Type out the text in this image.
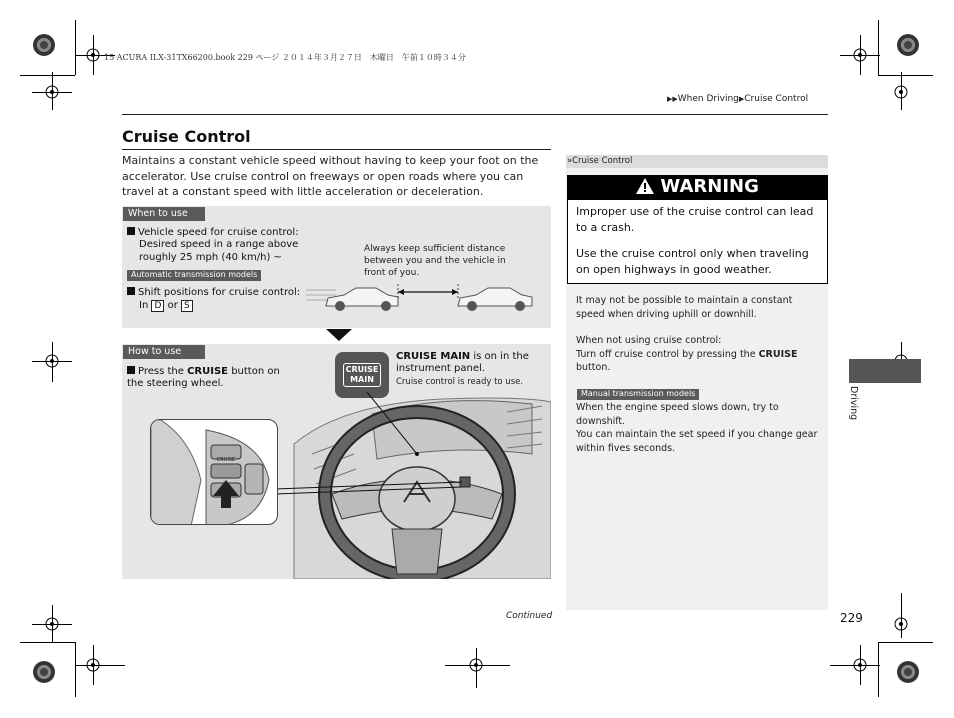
15 ACURA ILX-31TX66200.book 229 ページ ２０１４年３月２７日　木曜日　午前１０時３４分
▶▶When Driving▶Cruise Control
Cruise Control
Maintains a constant vehicle speed without having to keep your foot on the accelerator. Use cruise control on freeways or open roads where you can travel at a constant speed with little acceleration or deceleration.
When to use
Vehicle speed for cruise control:
Desired speed in a range above
roughly 25 mph (40 km/h) ~
Automatic transmission models
Shift positions for cruise control:
In D or S
Always keep sufficient distance between you and the vehicle in front of you.
How to use
Press the CRUISE button on the steering wheel.
CRUISE
MAIN
CRUISE MAIN is on in the instrument panel.
Cruise control is ready to use.
CRUISE
»Cruise Control
WARNING
Improper use of the cruise control can lead to a crash.
Use the cruise control only when traveling on open highways in good weather.
It may not be possible to maintain a constant speed when driving uphill or downhill.
When not using cruise control:
Turn off cruise control by pressing the CRUISE button.
Manual transmission models
When the engine speed slows down, try to downshift.
You can maintain the set speed if you change gear within fives seconds.
Driving
Continued	229
